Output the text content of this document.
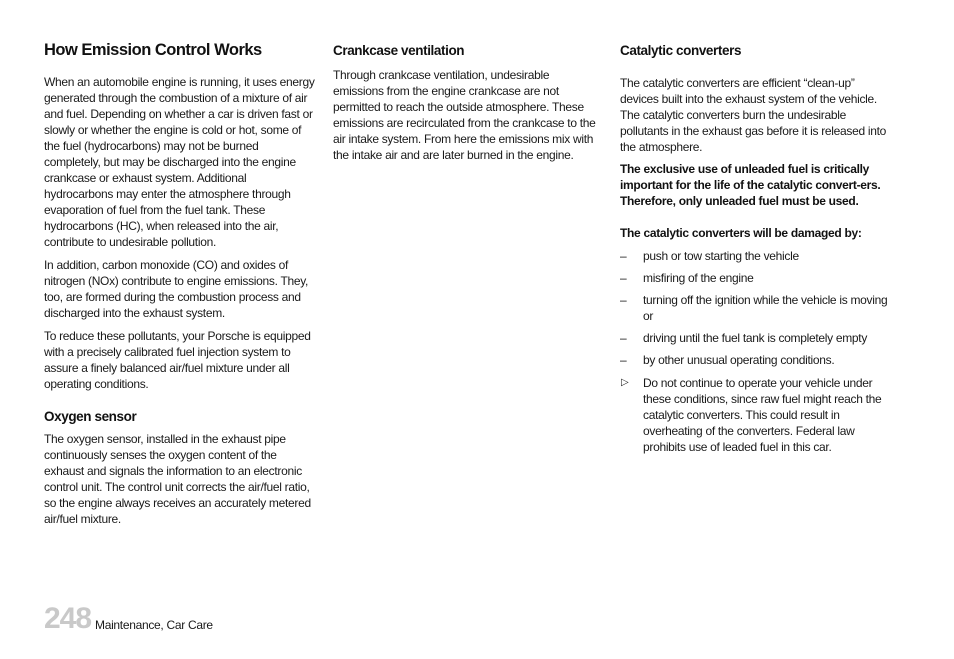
How Emission Control Works

When an automobile engine is running, it uses energy generated through the combustion of a mixture of air and fuel. Depending on whether a car is driven fast or slowly or whether the engine is cold or hot, some of the fuel (hydrocarbons) may not be burned completely, but may be discharged into the engine crankcase or exhaust system. Additional hydrocarbons may enter the atmosphere through evaporation of fuel from the fuel tank. These hydrocarbons (HC), when released into the air, contribute to undesirable pollution.

In addition, carbon monoxide (CO) and oxides of nitrogen (NOx) contribute to engine emissions. They, too, are formed during the combustion process and discharged into the exhaust system.

To reduce these pollutants, your Porsche is equipped with a precisely calibrated fuel injection system to assure a finely balanced air/fuel mixture under all operating conditions.

Oxygen sensor

The oxygen sensor, installed in the exhaust pipe continuously senses the oxygen content of the exhaust and signals the information to an electronic control unit. The control unit corrects the air/fuel ratio, so the engine always receives an accurately metered air/fuel mixture.

Crankcase ventilation

Through crankcase ventilation, undesirable emissions from the engine crankcase are not permitted to reach the outside atmosphere. These emissions are recirculated from the crankcase to the air intake system. From here the emissions mix with the intake air and are later burned in the engine.

Catalytic converters

The catalytic converters are efficient “clean-up” devices built into the exhaust system of the vehicle. The catalytic converters burn the undesirable pollutants in the exhaust gas before it is released into the atmosphere.

The exclusive use of unleaded fuel is critically important for the life of the catalytic convert-ers. Therefore, only unleaded fuel must be used.

The catalytic converters will be damaged by:

– push or tow starting the vehicle
– misfiring of the engine
– turning off the ignition while the vehicle is moving or
– driving until the fuel tank is completely empty
– by other unusual operating conditions.
▷ Do not continue to operate your vehicle under these conditions, since raw fuel might reach the catalytic converters. This could result in overheating of the converters. Federal law prohibits use of leaded fuel in this car.
248 Maintenance, Car Care
